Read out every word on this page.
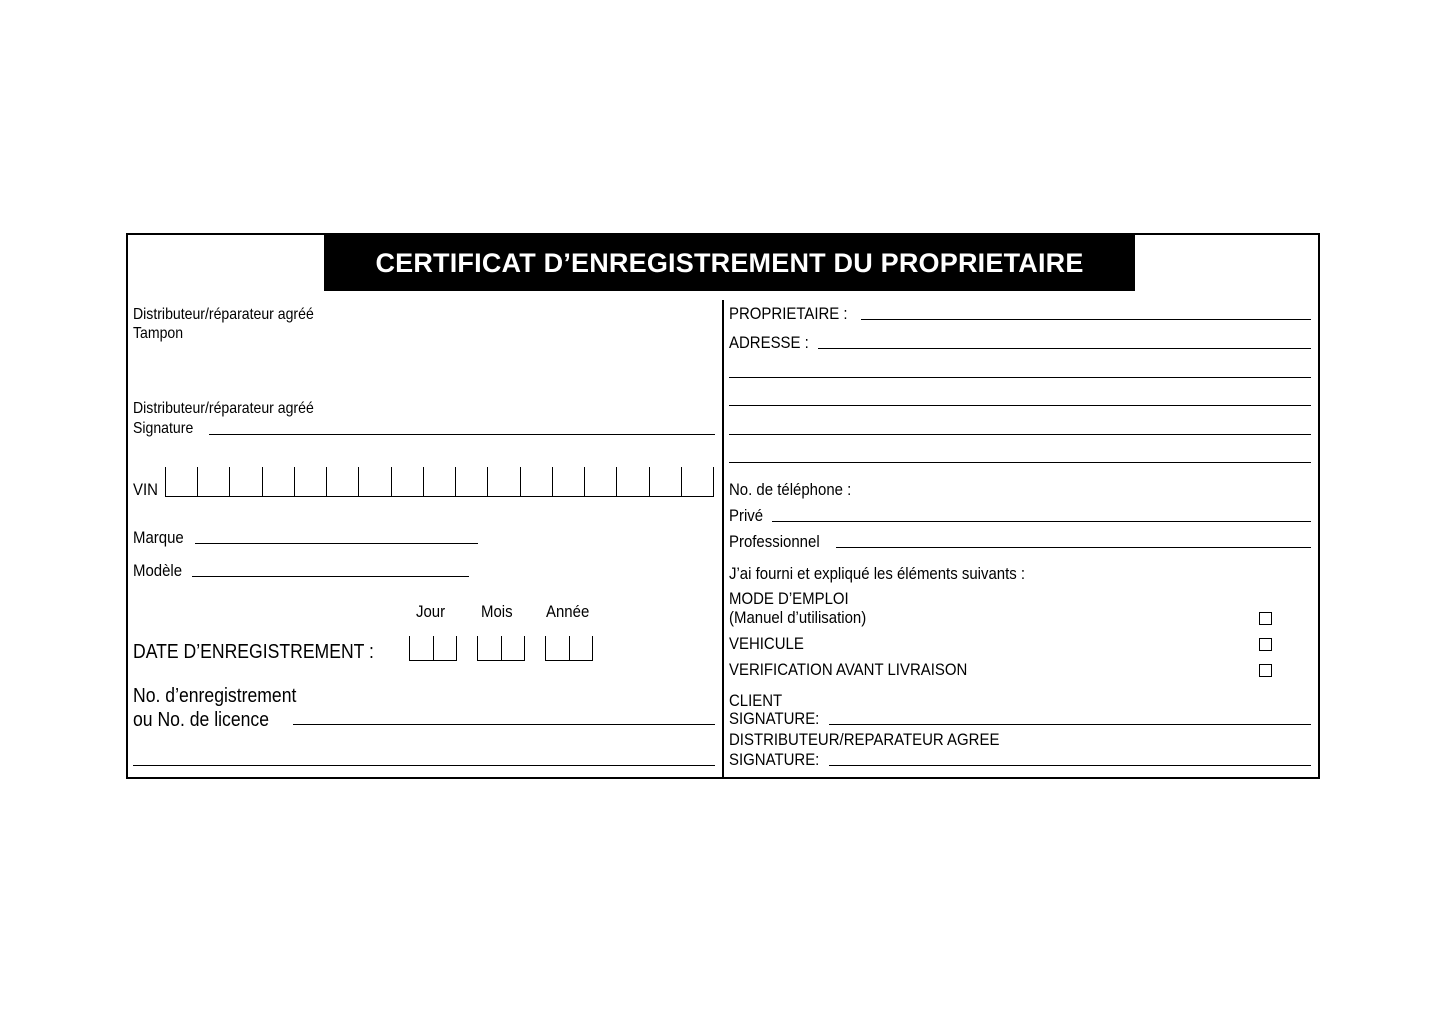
CERTIFICAT D’ENREGISTREMENT DU PROPRIETAIRE
Distributeur/réparateur agréé
Tampon
Distributeur/réparateur agréé
Signature
VIN
Marque
Modèle
Jour Mois Année
DATE D’ENREGISTREMENT :
No. d’enregistrement
ou No. de licence
PROPRIETAIRE :
ADRESSE :
No. de téléphone :
Privé
Professionnel
J’ai fourni et expliqué les éléments suivants :
MODE D’EMPLOI
(Manuel d’utilisation)
VEHICULE
VERIFICATION AVANT LIVRAISON
CLIENT
SIGNATURE:
DISTRIBUTEUR/REPARATEUR AGREE
SIGNATURE:
